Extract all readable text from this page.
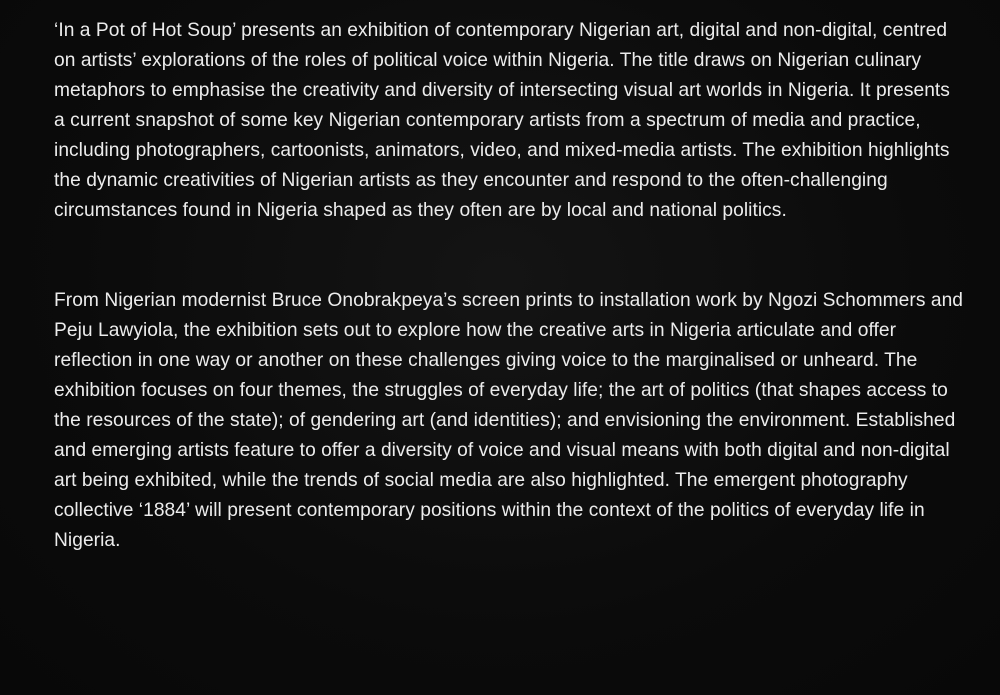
‘In a Pot of Hot Soup’ presents an exhibition of contemporary Nigerian art, digital and non-digital, centred on artists’ explorations of the roles of political voice within Nigeria. The title draws on Nigerian culinary metaphors to emphasise the creativity and diversity of intersecting visual art worlds in Nigeria. It presents a current snapshot of some key Nigerian contemporary artists from a spectrum of media and practice, including photographers, cartoonists, animators, video, and mixed-media artists. The exhibition highlights the dynamic creativities of Nigerian artists as they encounter and respond to the often-challenging circumstances found in Nigeria shaped as they often are by local and national politics.

From Nigerian modernist Bruce Onobrakpeya’s screen prints to installation work by Ngozi Schommers and Peju Lawyiola, the exhibition sets out to explore how the creative arts in Nigeria articulate and offer reflection in one way or another on these challenges giving voice to the marginalised or unheard. The exhibition focuses on four themes, the struggles of everyday life; the art of politics (that shapes access to the resources of the state); of gendering art (and identities); and envisioning the environment. Established and emerging artists feature to offer a diversity of voice and visual means with both digital and non-digital art being exhibited, while the trends of social media are also highlighted. The emergent photography collective ‘1884’ will present contemporary positions within the context of the politics of everyday life in Nigeria.
